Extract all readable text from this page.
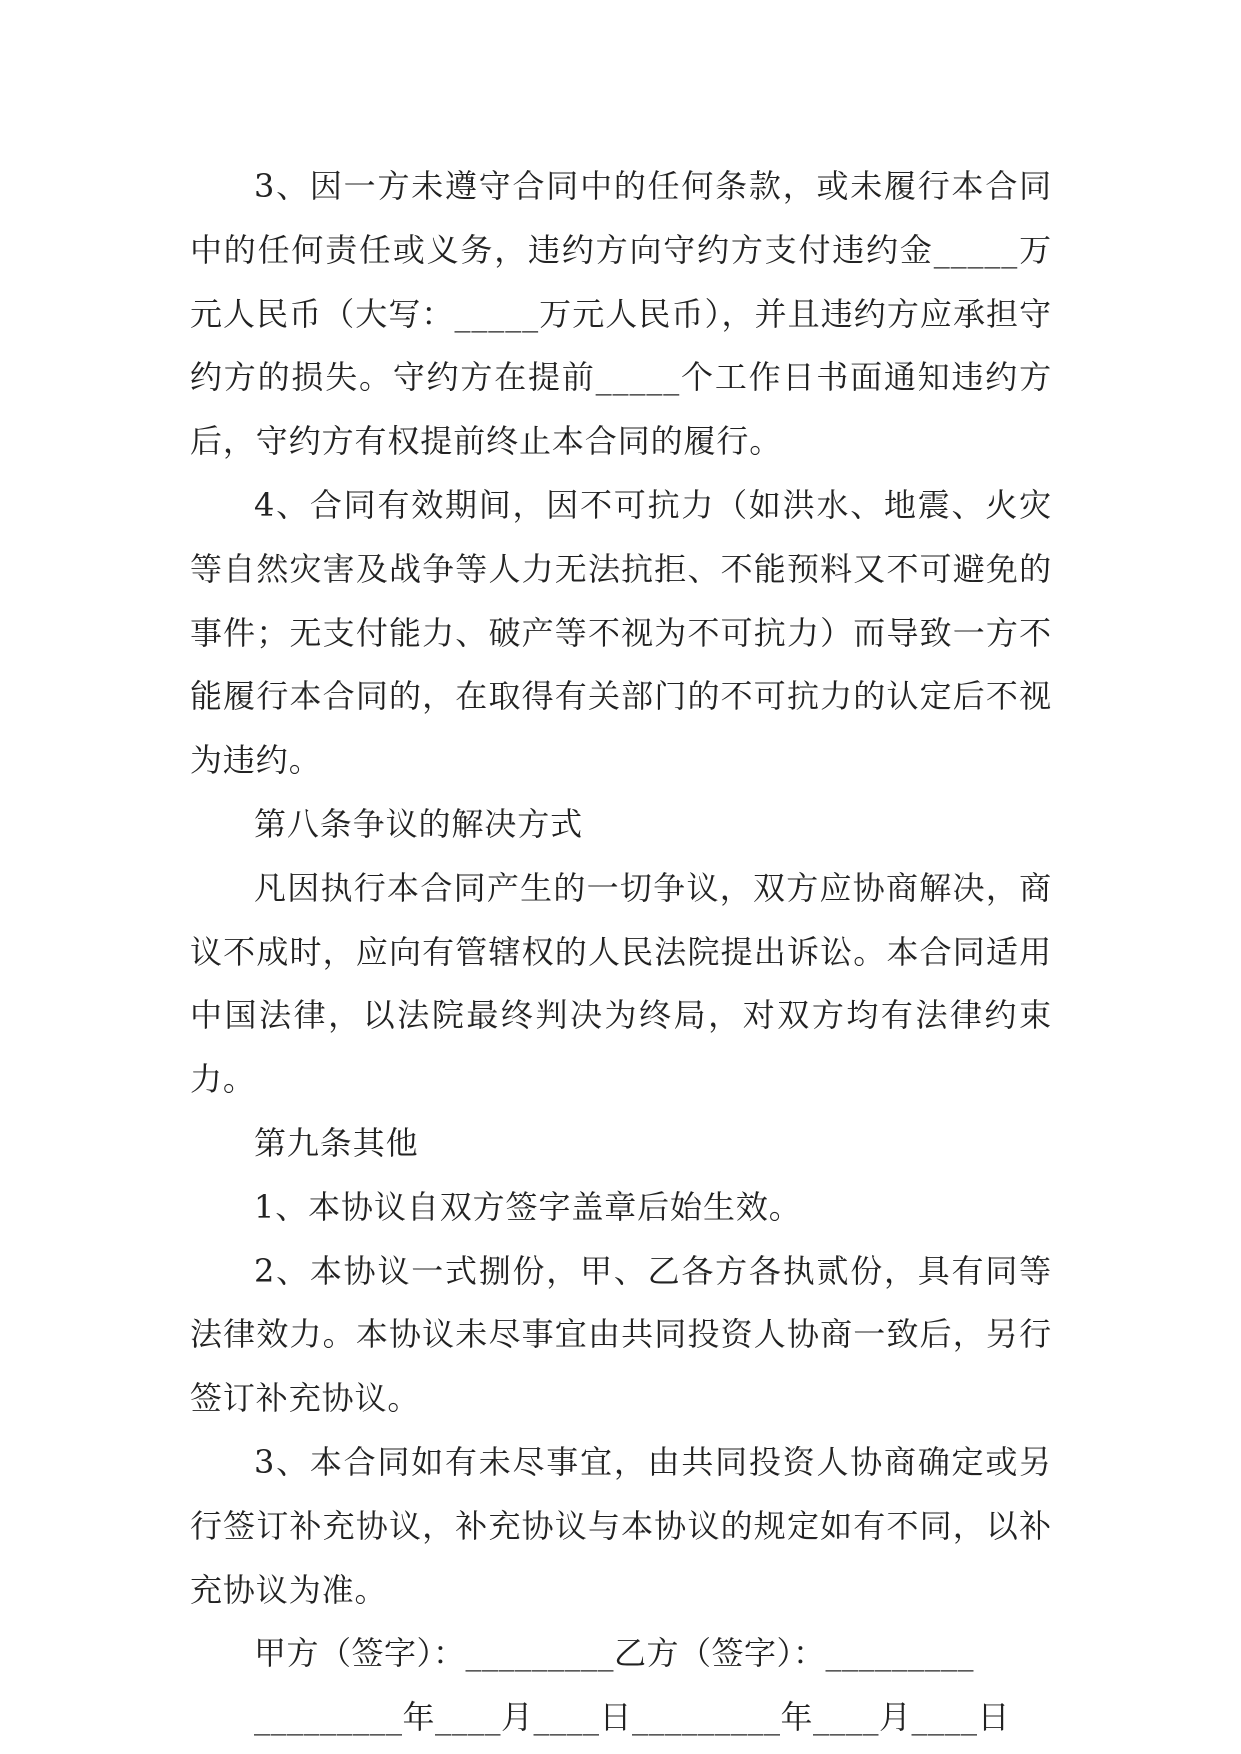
3、因一方未遵守合同中的任何条款，或未履行本合同中的任何责任或义务，违约方向守约方支付违约金_____万元人民币（大写：_____万元人民币），并且违约方应承担守约方的损失。守约方在提前_____个工作日书面通知违约方后，守约方有权提前终止本合同的履行。

4、合同有效期间，因不可抗力（如洪水、地震、火灾等自然灾害及战争等人力无法抗拒、不能预料又不可避免的事件；无支付能力、破产等不视为不可抗力）而导致一方不能履行本合同的，在取得有关部门的不可抗力的认定后不视为违约。

第八条争议的解决方式

凡因执行本合同产生的一切争议，双方应协商解决，商议不成时，应向有管辖权的人民法院提出诉讼。本合同适用中国法律，以法院最终判决为终局，对双方均有法律约束力。

第九条其他

1、本协议自双方签字盖章后始生效。

2、本协议一式捌份，甲、乙各方各执贰份，具有同等法律效力。本协议未尽事宜由共同投资人协商一致后，另行签订补充协议。

3、本合同如有未尽事宜，由共同投资人协商确定或另行签订补充协议，补充协议与本协议的规定如有不同，以补充协议为准。

甲方（签字）：_________乙方（签字）：_________

_________年____月____日_________年____月____日
